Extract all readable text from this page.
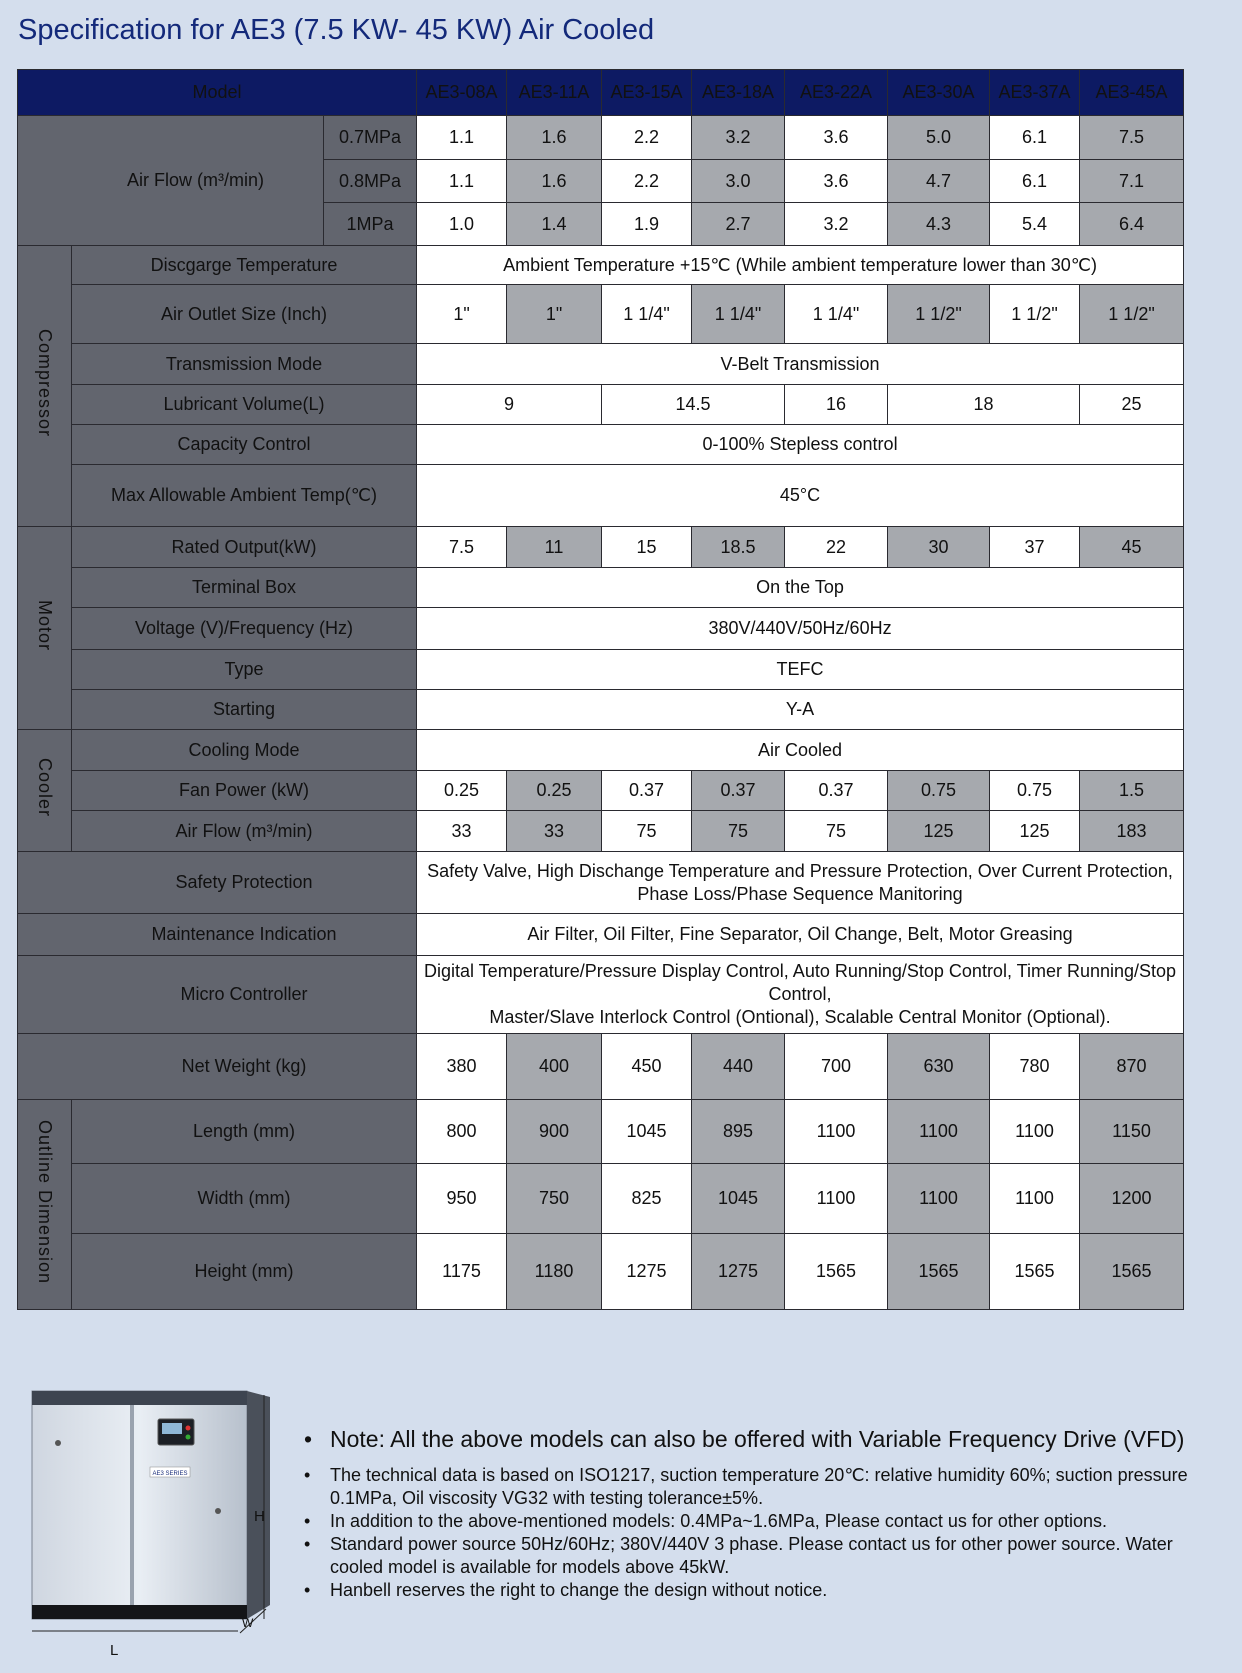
Specification for AE3 (7.5 KW- 45 KW) Air Cooled
Model			AE3-08A	AE3-11A	AE3-15A	AE3-18A	AE3-22A	AE3-30A	AE3-37A	AE3-45A
Air Flow (m³/min)		0.7MPa	1.1	1.6	2.2	3.2	3.6	5.0	6.1	7.5
		0.8MPa	1.1	1.6	2.2	3.0	3.6	4.7	6.1	7.1
		1MPa	1.0	1.4	1.9	2.7	3.2	4.3	5.4	6.4
Compressor	Discgarge Temperature		Ambient Temperature +15℃ (While ambient temperature lower than 30℃)							
	Air Outlet Size (Inch)		1"	1"	1 1/4"	1 1/4"	1 1/4"	1 1/2"	1 1/2"	1 1/2"
	Transmission Mode		V-Belt Transmission							
	Lubricant Volume(L)		9		14.5		16	18		25
	Capacity Control		0-100% Stepless control							
	Max Allowable Ambient Temp(℃)		45°C							
Motor	Rated Output(kW)		7.5	11	15	18.5	22	30	37	45
	Terminal Box		On the Top							
	Voltage (V)/Frequency (Hz)		380V/440V/50Hz/60Hz							
	Type		TEFC							
	Starting		Y-A							
Cooler	Cooling Mode		Air Cooled							
	Fan Power (kW)		0.25	0.25	0.37	0.37	0.37	0.75	0.75	1.5
	Air Flow (m³/min)		33	33	75	75	75	125	125	183
Safety Protection			Safety Valve, High Dischange Temperature and Pressure Protection, Over Current Protection,
Phase Loss/Phase Sequence Manitoring							

Maintenance Indication			Air Filter, Oil Filter, Fine Separator, Oil Change, Belt, Motor Greasing							
Micro Controller			Digital Temperature/Pressure Display Control, Auto Running/Stop Control, Timer Running/Stop Control,
Master/Slave Interlock Control (Ontional), Scalable Central Monitor (Optional).							

Net Weight (kg)			380	400	450	440	700	630	780	870
Outline Dimension	Length (mm)		800	900	1045	895	1100	1100	1100	1150
	Width (mm)		950	750	825	1045	1100	1100	1100	1200
	Height (mm)		1175	1180	1275	1275	1565	1565	1565	1565
AE3 SERIES
H
L
W
• Note: All the above models can also be offered with Variable Frequency Drive (VFD)
• The technical data is based on ISO1217, suction temperature 20℃: relative humidity 60%; suction pressure 0.1MPa, Oil viscosity VG32 with testing tolerance±5%.
• In addition to the above-mentioned models: 0.4MPa~1.6MPa, Please contact us for other options.
• Standard power source 50Hz/60Hz; 380V/440V 3 phase. Please contact us for other power source. Water cooled model is available for models above 45kW.
• Hanbell reserves the right to change the design without notice.
